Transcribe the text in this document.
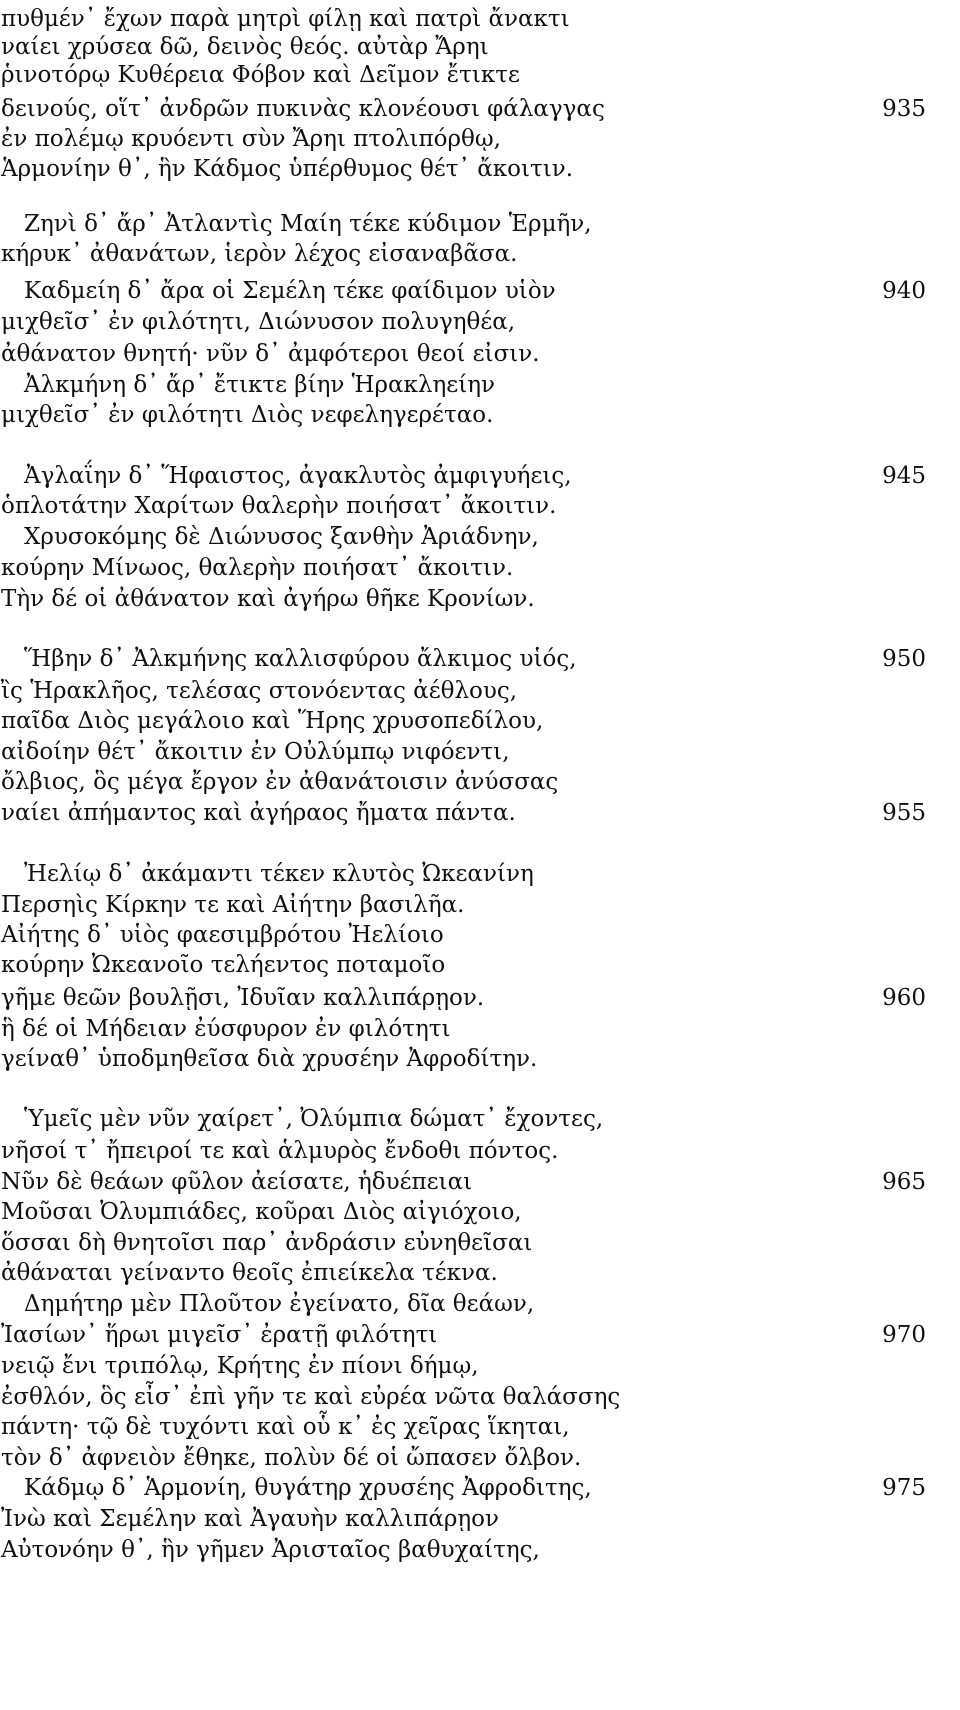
πυθμέν᾽ ἔχων παρὰ μητρὶ φίλῃ καὶ πατρὶ ἄνακτι
ναίει χρύσεα δῶ, δεινὸς θεός. αὐτὰρ Ἄρηι
ῥινοτόρῳ Κυθέρεια Φόβον καὶ Δεῖμον ἔτικτε
δεινούς, οἵτ᾽ ἀνδρῶν πυκινὰς κλονέουσι φάλαγγας	935
ἐν πολέμῳ κρυόεντι σὺν Ἄρηι πτολιπόρθῳ,
Ἁρμονίην θ᾽, ἣν Κάδμος ὑπέρθυμος θέτ᾽ ἄκοιτιν.
Ζηνὶ δ᾽ ἄρ᾽ Ἀτλαντὶς Μαίη τέκε κύδιμον Ἑρμῆν,
κήρυκ᾽ ἀθανάτων, ἱερὸν λέχος εἰσαναβᾶσα.
Καδμείη δ᾽ ἄρα οἱ Σεμέλη τέκε φαίδιμον υἱὸν	940
μιχθεῖσ᾽ ἐν φιλότητι, Διώνυσον πολυγηθέα,
ἀθάνατον θνητή· νῦν δ᾽ ἀμφότεροι θεοί εἰσιν.
Ἀλκμήνη δ᾽ ἄρ᾽ ἔτικτε βίην Ἡρακληείην
μιχθεῖσ᾽ ἐν φιλότητι Διὸς νεφεληγερέταο.
Ἀγλαΐην δ᾽ Ἥφαιστος, ἀγακλυτὸς ἀμφιγυήεις,	945
ὁπλοτάτην Χαρίτων θαλερὴν ποιήσατ᾽ ἄκοιτιν.
Χρυσοκόμης δὲ Διώνυσος ξανθὴν Ἀριάδνην,
κούρην Μίνωος, θαλερὴν ποιήσατ᾽ ἄκοιτιν.
Τὴν δέ οἱ ἀθάνατον καὶ ἀγήρω θῆκε Κρονίων.
Ἥβην δ᾽ Ἀλκμήνης καλλισφύρου ἄλκιμος υἱός,	950
ἲς Ἡρακλῆος, τελέσας στονόεντας ἀέθλους,
παῖδα Διὸς μεγάλοιο καὶ Ἥρης χρυσοπεδίλου,
αἰδοίην θέτ᾽ ἄκοιτιν ἐν Οὐλύμπῳ νιφόεντι,
ὄλβιος, ὃς μέγα ἔργον ἐν ἀθανάτοισιν ἀνύσσας
ναίει ἀπήμαντος καὶ ἀγήραος ἤματα πάντα.	955
Ἠελίῳ δ᾽ ἀκάμαντι τέκεν κλυτὸς Ὠκεανίνη
Περσηὶς Κίρκην τε καὶ Αἰήτην βασιλῆα.
Αἰήτης δ᾽ υἱὸς φαεσιμβρότου Ἠελίοιο
κούρην Ὠκεανοῖο τελήεντος ποταμοῖο
γῆμε θεῶν βουλῇσι, Ἰδυῖαν καλλιπάρῃον.	960
ἣ δέ οἱ Μήδειαν ἐύσφυρον ἐν φιλότητι
γείναθ᾽ ὑποδμηθεῖσα διὰ χρυσέην Ἀφροδίτην.
Ὑμεῖς μὲν νῦν χαίρετ᾽, Ὀλύμπια δώματ᾽ ἔχοντες,
νῆσοί τ᾽ ἤπειροί τε καὶ ἁλμυρὸς ἔνδοθι πόντος.
Νῦν δὲ θεάων φῦλον ἀείσατε, ἡδυέπειαι	965
Μοῦσαι Ὀλυμπιάδες, κοῦραι Διὸς αἰγιόχοιο,
ὅσσαι δὴ θνητοῖσι παρ᾽ ἀνδράσιν εὐνηθεῖσαι
ἀθάναται γείναντο θεοῖς ἐπιείκελα τέκνα.
Δημήτηρ μὲν Πλοῦτον ἐγείνατο, δῖα θεάων,
Ἰασίων᾽ ἥρωι μιγεῖσ᾽ ἐρατῇ φιλότητι	970
νειῷ ἔνι τριπόλῳ, Κρήτης ἐν πίονι δήμῳ,
ἐσθλόν, ὃς εἶσ᾽ ἐπὶ γῆν τε καὶ εὐρέα νῶτα θαλάσσης
πάντη· τῷ δὲ τυχόντι καὶ οὗ κ᾽ ἐς χεῖρας ἵκηται,
τὸν δ᾽ ἀφνειὸν ἔθηκε, πολὺν δέ οἱ ὤπασεν ὄλβον.
Κάδμῳ δ᾽ Ἁρμονίη, θυγάτηρ χρυσέης Ἀφροδιτης,	975
Ἰνὼ καὶ Σεμέλην καὶ Ἀγαυὴν καλλιπάρῃον
Αὐτονόην θ᾽, ἣν γῆμεν Ἀρισταῖος βαθυχαίτης,
